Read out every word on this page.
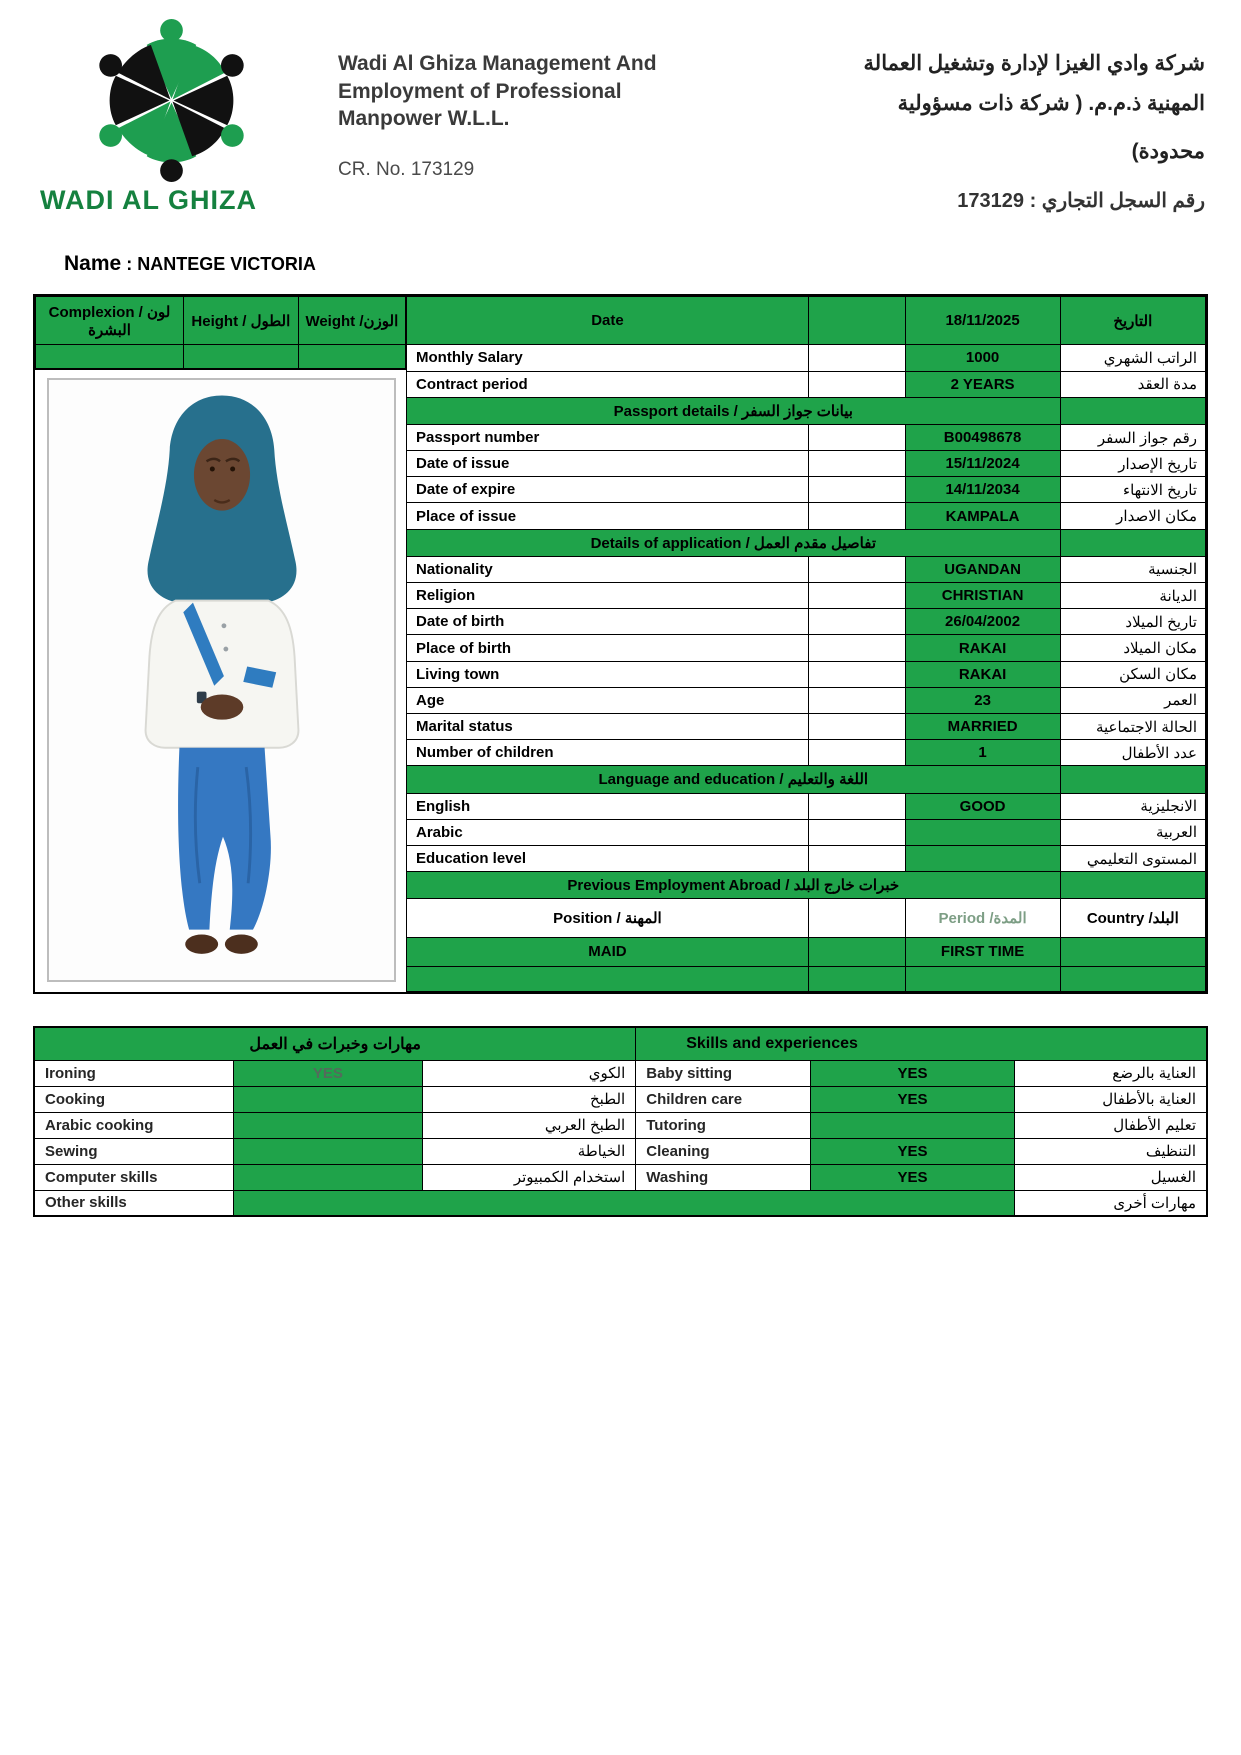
WADI AL GHIZA
Wadi Al Ghiza Management And
Employment of Professional
Manpower W.L.L.
CR. No. 173129
شركة وادي الغيزا لإدارة وتشغيل العمالة
المهنية ذ.م.م. ( شركة ذات مسؤولية
محدودة)
رقم السجل التجاري : 173129
Name : NANTEGE VICTORIA
Complexion / لون البشرة	Height / الطول	Weight /الوزن
			Date		18/11/2025	التاريخ
Monthly Salary		1000	الراتب الشهري
Contract period		2 YEARS	مدة العقد
Passport details / بيانات جواز السفر			
Passport number		B00498678	رقم جواز السفر
Date of issue		15/11/2024	تاريخ الإصدار
Date of expire		14/11/2034	تاريخ الانتهاء
Place of issue		KAMPALA	مكان الاصدار
Details of application / تفاصيل مقدم العمل			
Nationality		UGANDAN	الجنسية
Religion		CHRISTIAN	الديانة
Date of birth		26/04/2002	تاريخ الميلاد
Place of birth		RAKAI	مكان الميلاد
Living town		RAKAI	مكان السكن
Age		23	العمر
Marital status		MARRIED	الحالة الاجتماعية
Number of children		1	عدد الأطفال
Language and education / اللغة والتعليم			
English		GOOD	الانجليزية
Arabic			العربية
Education level			المستوى التعليمي
Previous Employment Abroad / خبرات خارج البلد			
Position / المهنة		Period /المدة	Country /البلد
MAID		FIRST TIME	

مهارات وخبرات في العمل			Skills and experiences		
Ironing	YES	الكوي	Baby sitting	YES	العناية بالرضع
Cooking		الطبخ	Children care	YES	العناية بالأطفال
Arabic cooking		الطبخ العربي	Tutoring		تعليم الأطفال
Sewing		الخياطة	Cleaning	YES	التنظيف
Computer skills		استخدام الكمبيوتر	Washing	YES	الغسيل
Other skills					مهارات أخرى
